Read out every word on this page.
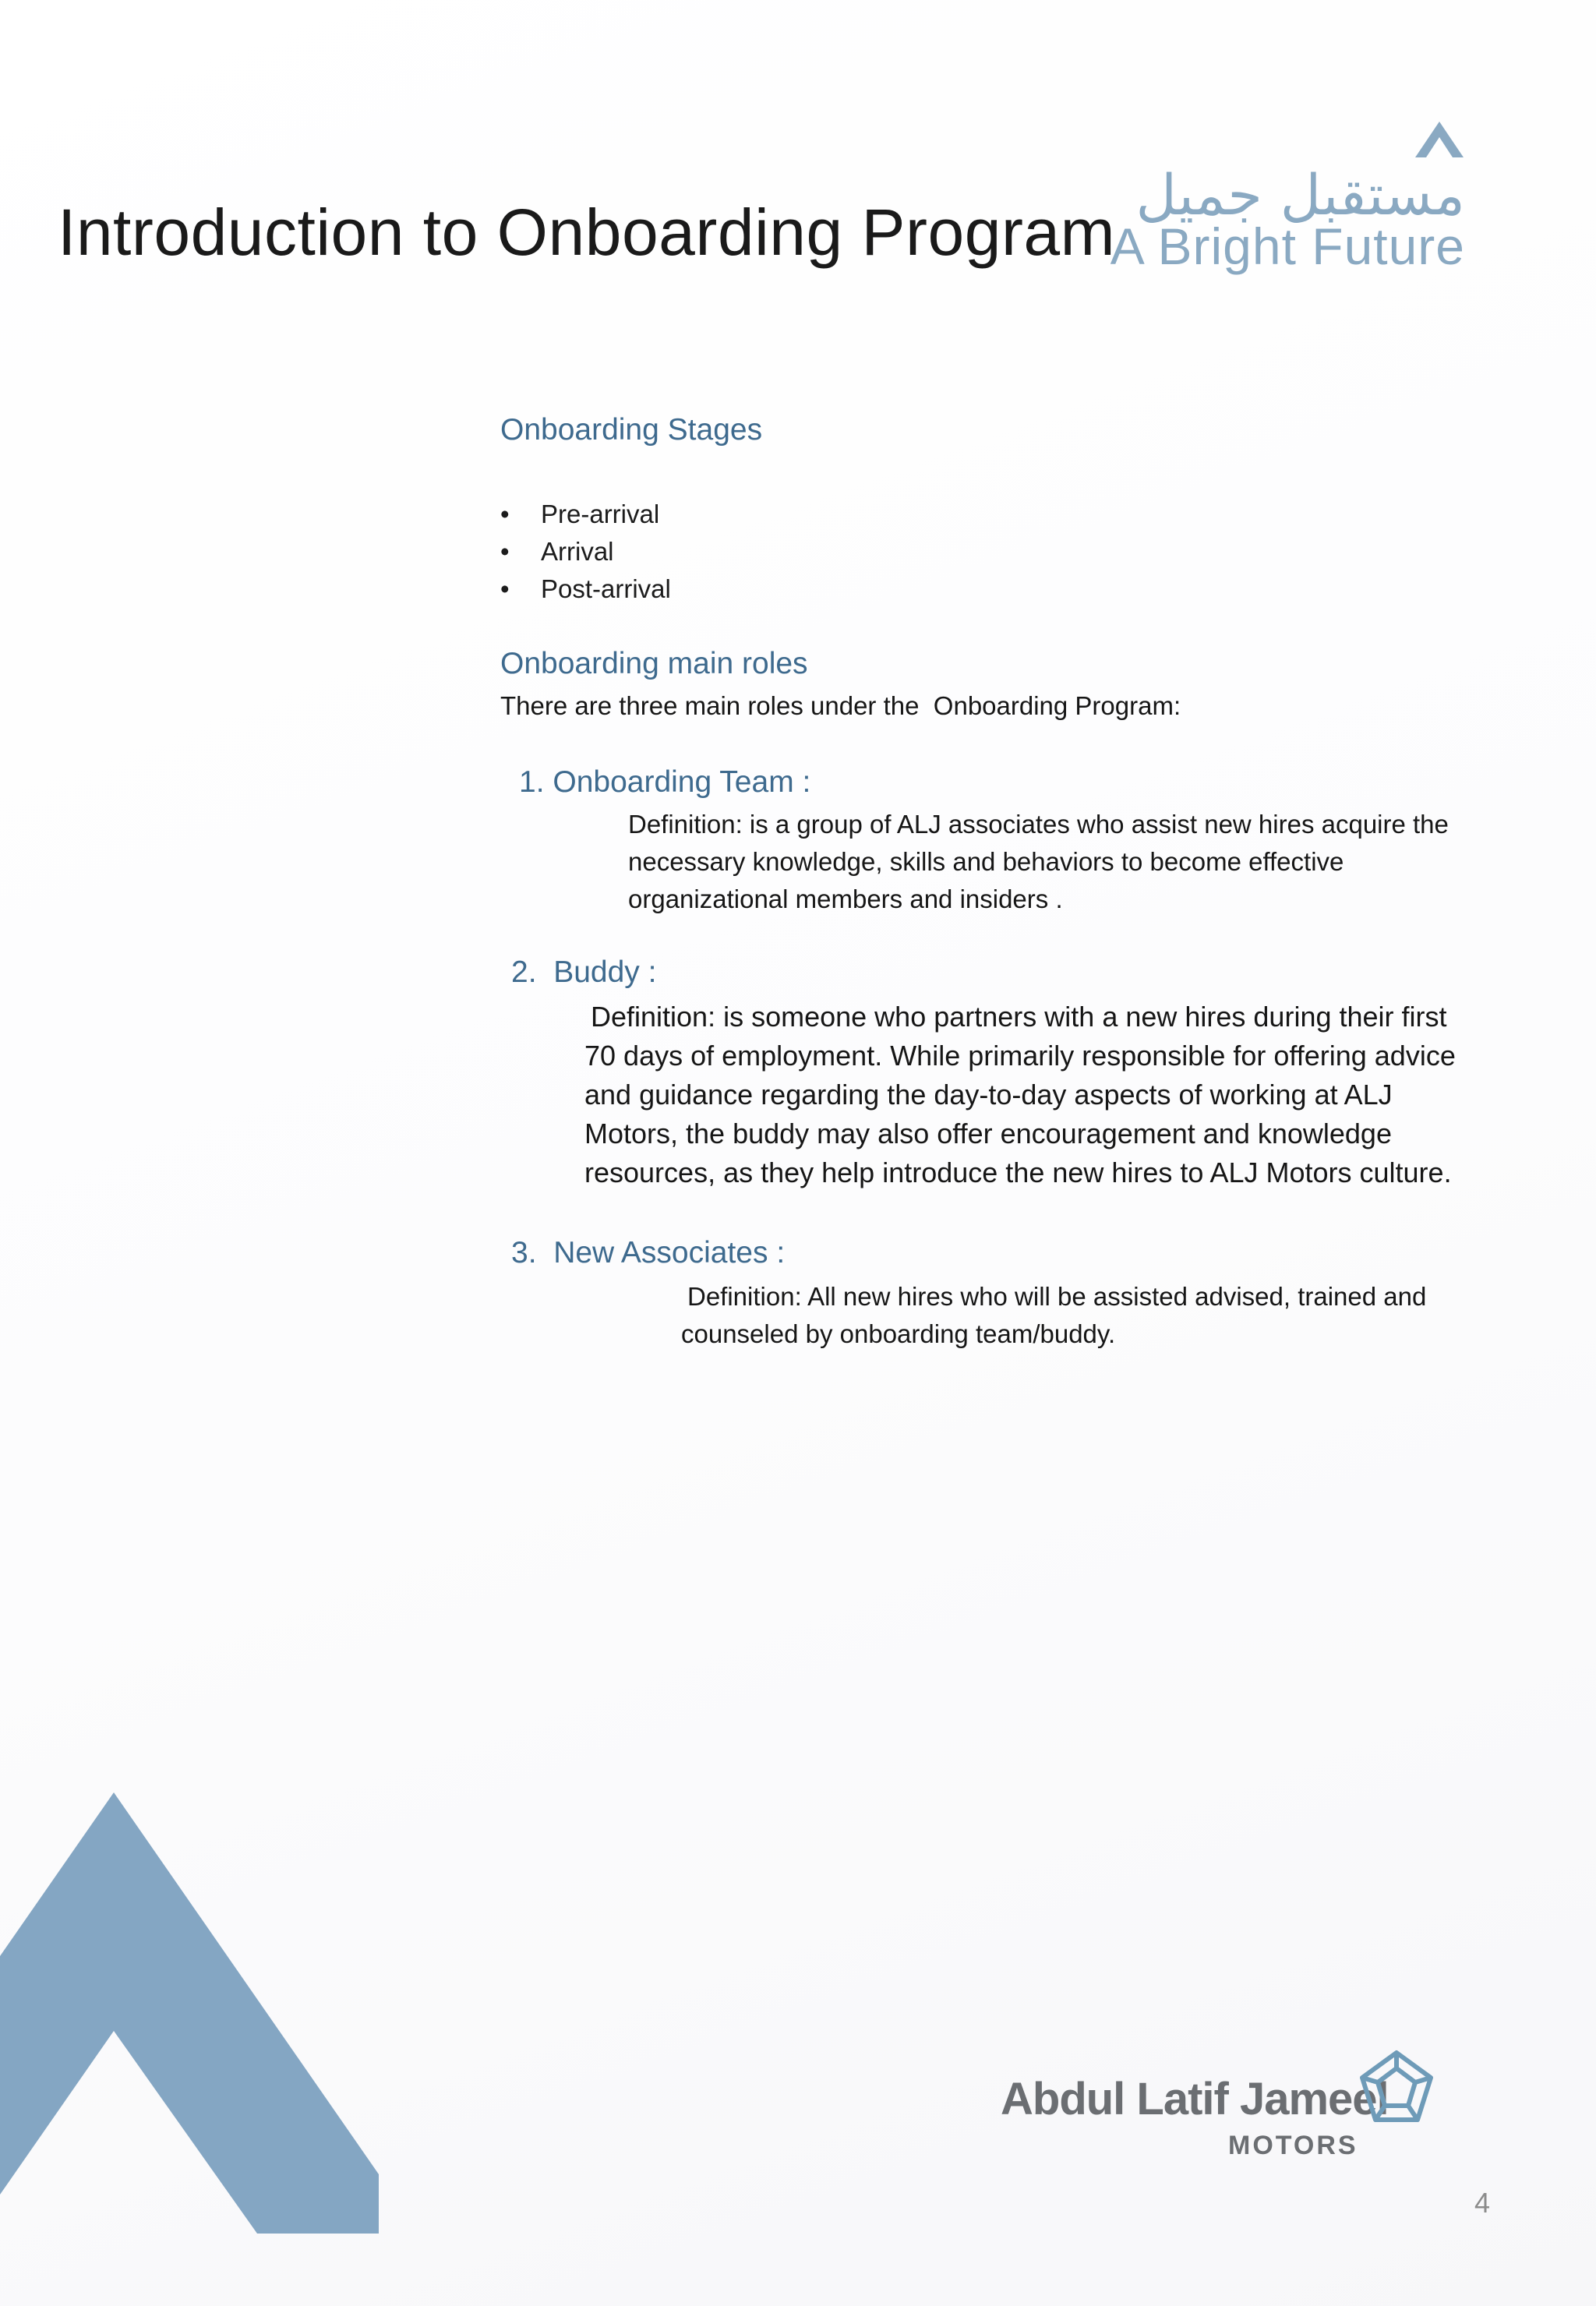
Introduction to Onboarding Program
مستقبل جميل
A Bright Future
Onboarding Stages
• Pre-arrival
• Arrival
• Post-arrival
Onboarding main roles
There are three main roles under the  Onboarding Program:
1. Onboarding Team :
Definition: is a group of ALJ associates who assist new hires acquire the necessary knowledge, skills and behaviors to become effective organizational members and insiders .
2.  Buddy :
Definition: is someone who partners with a new hires during their first 70 days of employment. While primarily responsible for offering advice and guidance regarding the day-to-day aspects of working at ALJ Motors, the buddy may also offer encouragement and knowledge resources, as they help introduce the new hires to ALJ Motors culture.
3.  New Associates :
Definition: All new hires who will be assisted advised, trained and counseled by onboarding team/buddy.
Abdul Latif Jameel
MOTORS
4
